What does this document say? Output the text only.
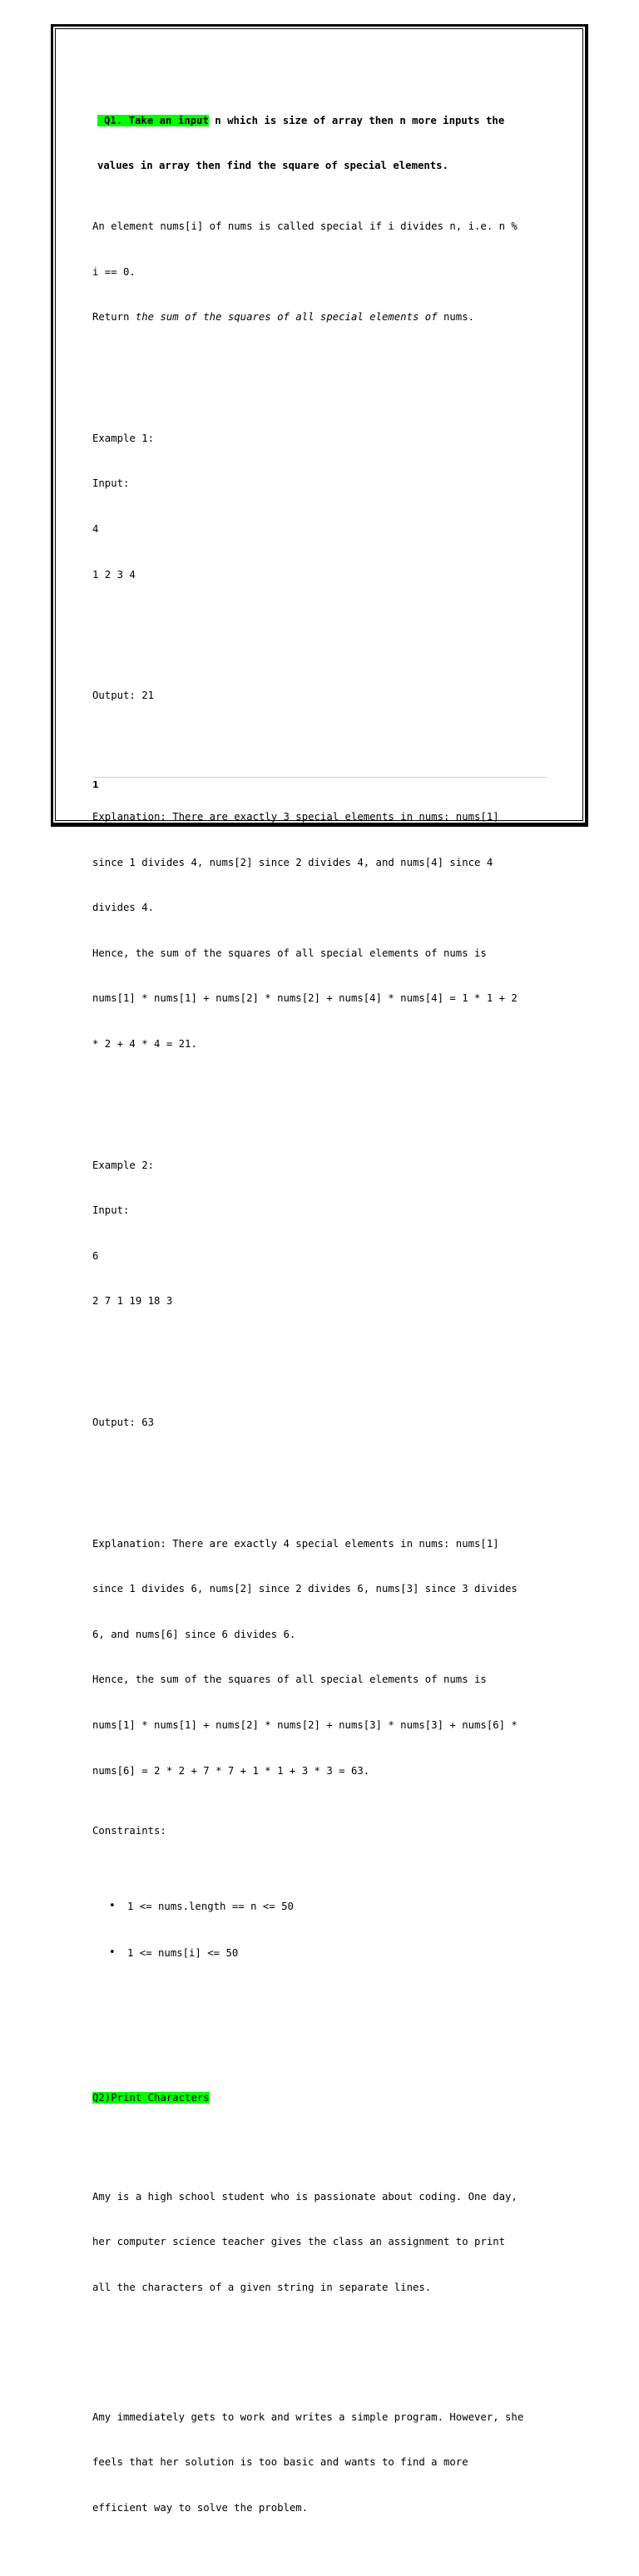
Q1. Take an input n which is size of array then n more inputs the

values in array then find the square of special elements.

An element nums[i] of nums is called special if i divides n, i.e. n %

i == 0.

Return the sum of the squares of all special elements of nums.

Example 1:

Input:

4

1 2 3 4

Output: 21

Explanation: There are exactly 3 special elements in nums: nums[1]

since 1 divides 4, nums[2] since 2 divides 4, and nums[4] since 4

divides 4.

Hence, the sum of the squares of all special elements of nums is

nums[1] * nums[1] + nums[2] * nums[2] + nums[4] * nums[4] = 1 * 1 + 2

* 2 + 4 * 4 = 21.

Example 2:

Input:

6

2 7 1 19 18 3

Output: 63

Explanation: There are exactly 4 special elements in nums: nums[1]

since 1 divides 6, nums[2] since 2 divides 6, nums[3] since 3 divides

6, and nums[6] since 6 divides 6.

Hence, the sum of the squares of all special elements of nums is

nums[1] * nums[1] + nums[2] * nums[2] + nums[3] * nums[3] + nums[6] *

nums[6] = 2 * 2 + 7 * 7 + 1 * 1 + 3 * 3 = 63.

Constraints:

• 1 <= nums.length == n <= 50

• 1 <= nums[i] <= 50

Q2)Print Characters

Amy is a high school student who is passionate about coding. One day,

her computer science teacher gives the class an assignment to print

all the characters of a given string in separate lines.

Amy immediately gets to work and writes a simple program. However, she

feels that her solution is too basic and wants to find a more

efficient way to solve the problem.

1
